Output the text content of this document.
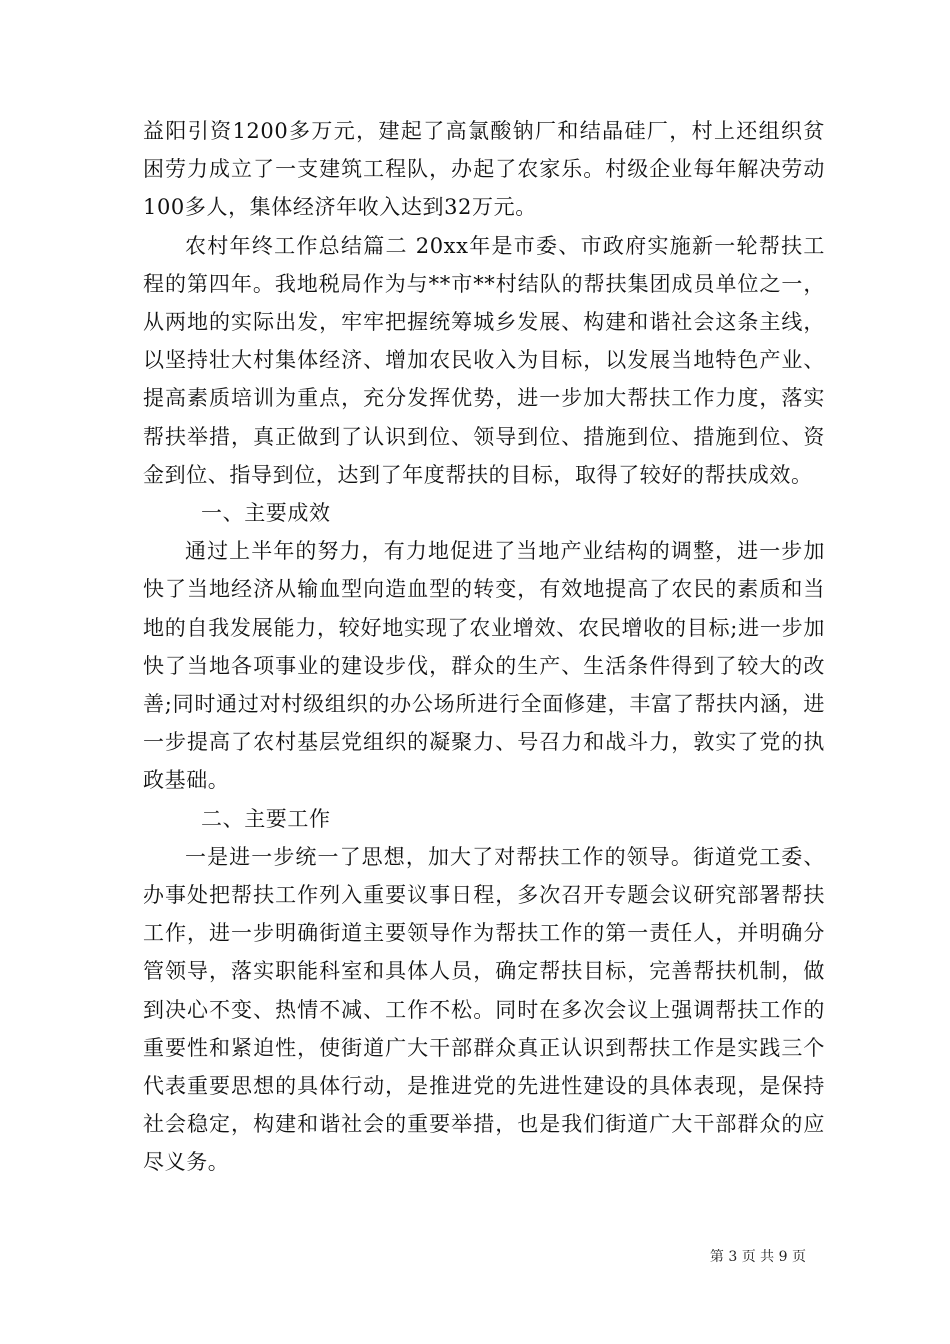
益阳引资1200多万元，建起了高氯酸钠厂和结晶硅厂，村上还组织贫困劳力成立了一支建筑工程队，办起了农家乐。村级企业每年解决劳动100多人，集体经济年收入达到32万元。

农村年终工作总结篇二 20xx年是市委、市政府实施新一轮帮扶工程的第四年。我地税局作为与**市**村结队的帮扶集团成员单位之一，从两地的实际出发，牢牢把握统筹城乡发展、构建和谐社会这条主线，以坚持壮大村集体经济、增加农民收入为目标，以发展当地特色产业、提高素质培训为重点，充分发挥优势，进一步加大帮扶工作力度，落实帮扶举措，真正做到了认识到位、领导到位、措施到位、措施到位、资金到位、指导到位，达到了年度帮扶的目标，取得了较好的帮扶成效。

一、主要成效

通过上半年的努力，有力地促进了当地产业结构的调整，进一步加快了当地经济从输血型向造血型的转变，有效地提高了农民的素质和当地的自我发展能力，较好地实现了农业增效、农民增收的目标;进一步加快了当地各项事业的建设步伐，群众的生产、生活条件得到了较大的改善;同时通过对村级组织的办公场所进行全面修建，丰富了帮扶内涵，进一步提高了农村基层党组织的凝聚力、号召力和战斗力，敦实了党的执政基础。

二、主要工作

一是进一步统一了思想，加大了对帮扶工作的领导。街道党工委、办事处把帮扶工作列入重要议事日程，多次召开专题会议研究部署帮扶工作，进一步明确街道主要领导作为帮扶工作的第一责任人，并明确分管领导，落实职能科室和具体人员，确定帮扶目标，完善帮扶机制，做到决心不变、热情不减、工作不松。同时在多次会议上强调帮扶工作的重要性和紧迫性，使街道广大干部群众真正认识到帮扶工作是实践三个代表重要思想的具体行动，是推进党的先进性建设的具体表现，是保持社会稳定，构建和谐社会的重要举措，也是我们街道广大干部群众的应尽义务。

第 3 页 共 9 页
